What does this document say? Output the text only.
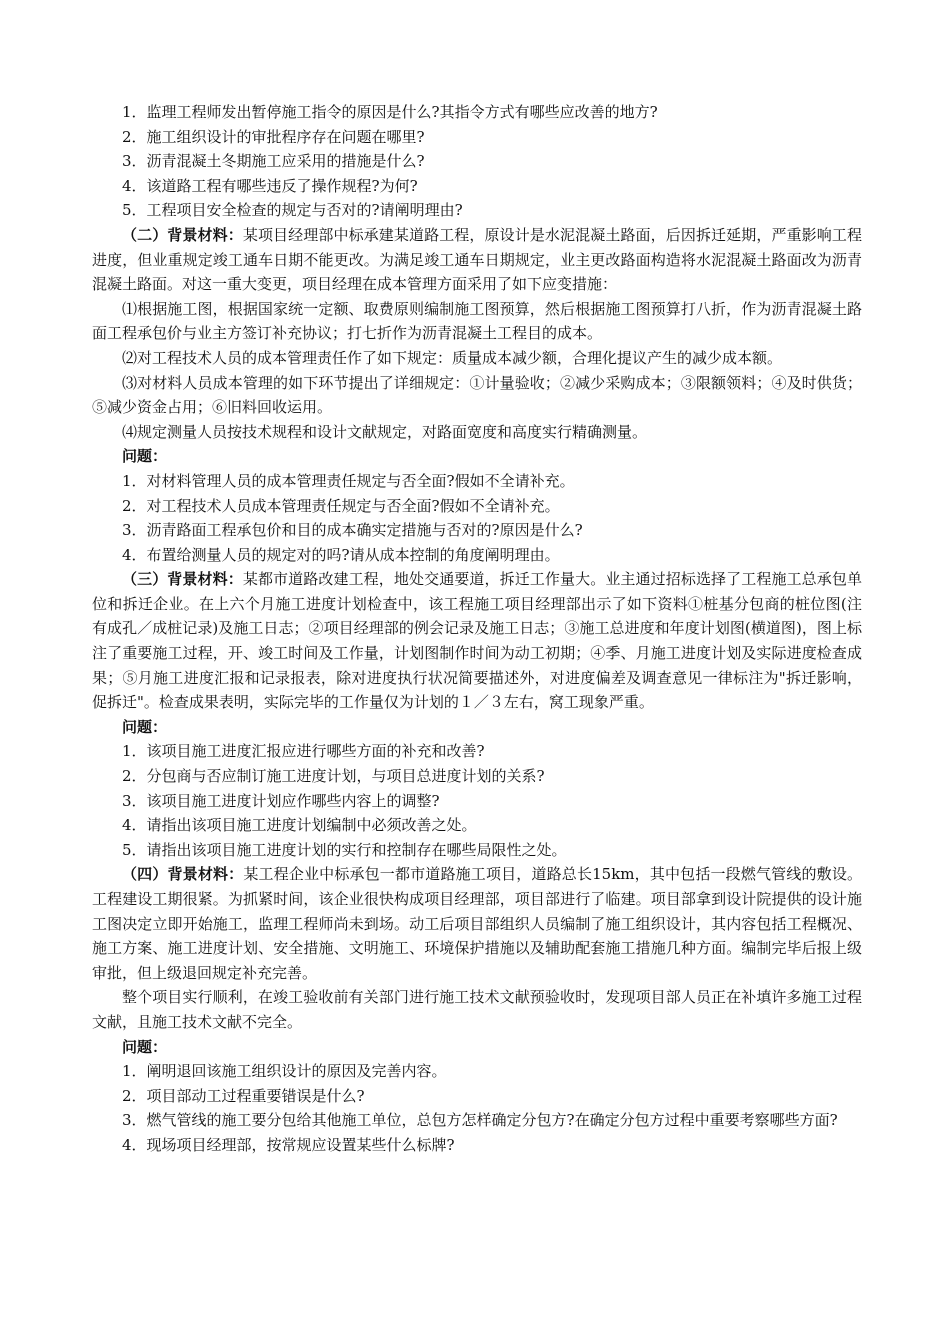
1．监理工程师发出暂停施工指令的原因是什么?其指令方式有哪些应改善的地方?

2．施工组织设计的审批程序存在问题在哪里?

3．沥青混凝土冬期施工应采用的措施是什么?

4．该道路工程有哪些违反了操作规程?为何?

5．工程项目安全检查的规定与否对的?请阐明理由?

（二）背景材料：某项目经理部中标承建某道路工程，原设计是水泥混凝土路面，后因拆迁延期，严重影响工程进度，但业重规定竣工通车日期不能更改。为满足竣工通车日期规定，业主更改路面构造将水泥混凝土路面改为沥青混凝土路面。对这一重大变更，项目经理在成本管理方面采用了如下应变措施：

⑴根据施工图，根据国家统一定额、取费原则编制施工图预算，然后根据施工图预算打八折，作为沥青混凝土路面工程承包价与业主方签订补充协议；打七折作为沥青混凝土工程目的成本。

⑵对工程技术人员的成本管理责任作了如下规定：质量成本减少额，合理化提议产生的减少成本额。

⑶对材料人员成本管理的如下环节提出了详细规定：①计量验收；②减少采购成本；③限额领料；④及时供货；⑤减少资金占用；⑥旧料回收运用。

⑷规定测量人员按技术规程和设计文献规定，对路面宽度和高度实行精确测量。

问题：

1．对材料管理人员的成本管理责任规定与否全面?假如不全请补充。

2．对工程技术人员成本管理责任规定与否全面?假如不全请补充。

3．沥青路面工程承包价和目的成本确实定措施与否对的?原因是什么?

4．布置给测量人员的规定对的吗?请从成本控制的角度阐明理由。

（三）背景材料：某都市道路改建工程，地处交通要道，拆迁工作量大。业主通过招标选择了工程施工总承包单位和拆迁企业。在上六个月施工进度计划检查中，该工程施工项目经理部出示了如下资料①桩基分包商的桩位图(注有成孔／成桩记录)及施工日志；②项目经理部的例会记录及施工日志；③施工总进度和年度计划图(横道图)，图上标注了重要施工过程，开、竣工时间及工作量，计划图制作时间为动工初期；④季、月施工进度计划及实际进度检查成果；⑤月施工进度汇报和记录报表，除对进度执行状况简要描述外，对进度偏差及调查意见一律标注为"拆迁影响，促拆迁"。检查成果表明，实际完毕的工作量仅为计划的１／３左右，窝工现象严重。

问题：

1．该项目施工进度汇报应进行哪些方面的补充和改善?

2．分包商与否应制订施工进度计划，与项目总进度计划的关系?

3．该项目施工进度计划应作哪些内容上的调整?

4．请指出该项目施工进度计划编制中必须改善之处。

5．请指出该项目施工进度计划的实行和控制存在哪些局限性之处。

（四）背景材料：某工程企业中标承包一都市道路施工项目，道路总长15km，其中包括一段燃气管线的敷设。工程建设工期很紧。为抓紧时间，该企业很快构成项目经理部，项目部进行了临建。项目部拿到设计院提供的设计施工图决定立即开始施工，监理工程师尚未到场。动工后项目部组织人员编制了施工组织设计，其内容包括工程概况、施工方案、施工进度计划、安全措施、文明施工、环境保护措施以及辅助配套施工措施几种方面。编制完毕后报上级审批，但上级退回规定补充完善。

整个项目实行顺利，在竣工验收前有关部门进行施工技术文献预验收时，发现项目部人员正在补填许多施工过程文献，且施工技术文献不完全。

问题：

1．阐明退回该施工组织设计的原因及完善内容。

2．项目部动工过程重要错误是什么?

3．燃气管线的施工要分包给其他施工单位，总包方怎样确定分包方?在确定分包方过程中重要考察哪些方面?

4．现场项目经理部，按常规应设置某些什么标牌?
